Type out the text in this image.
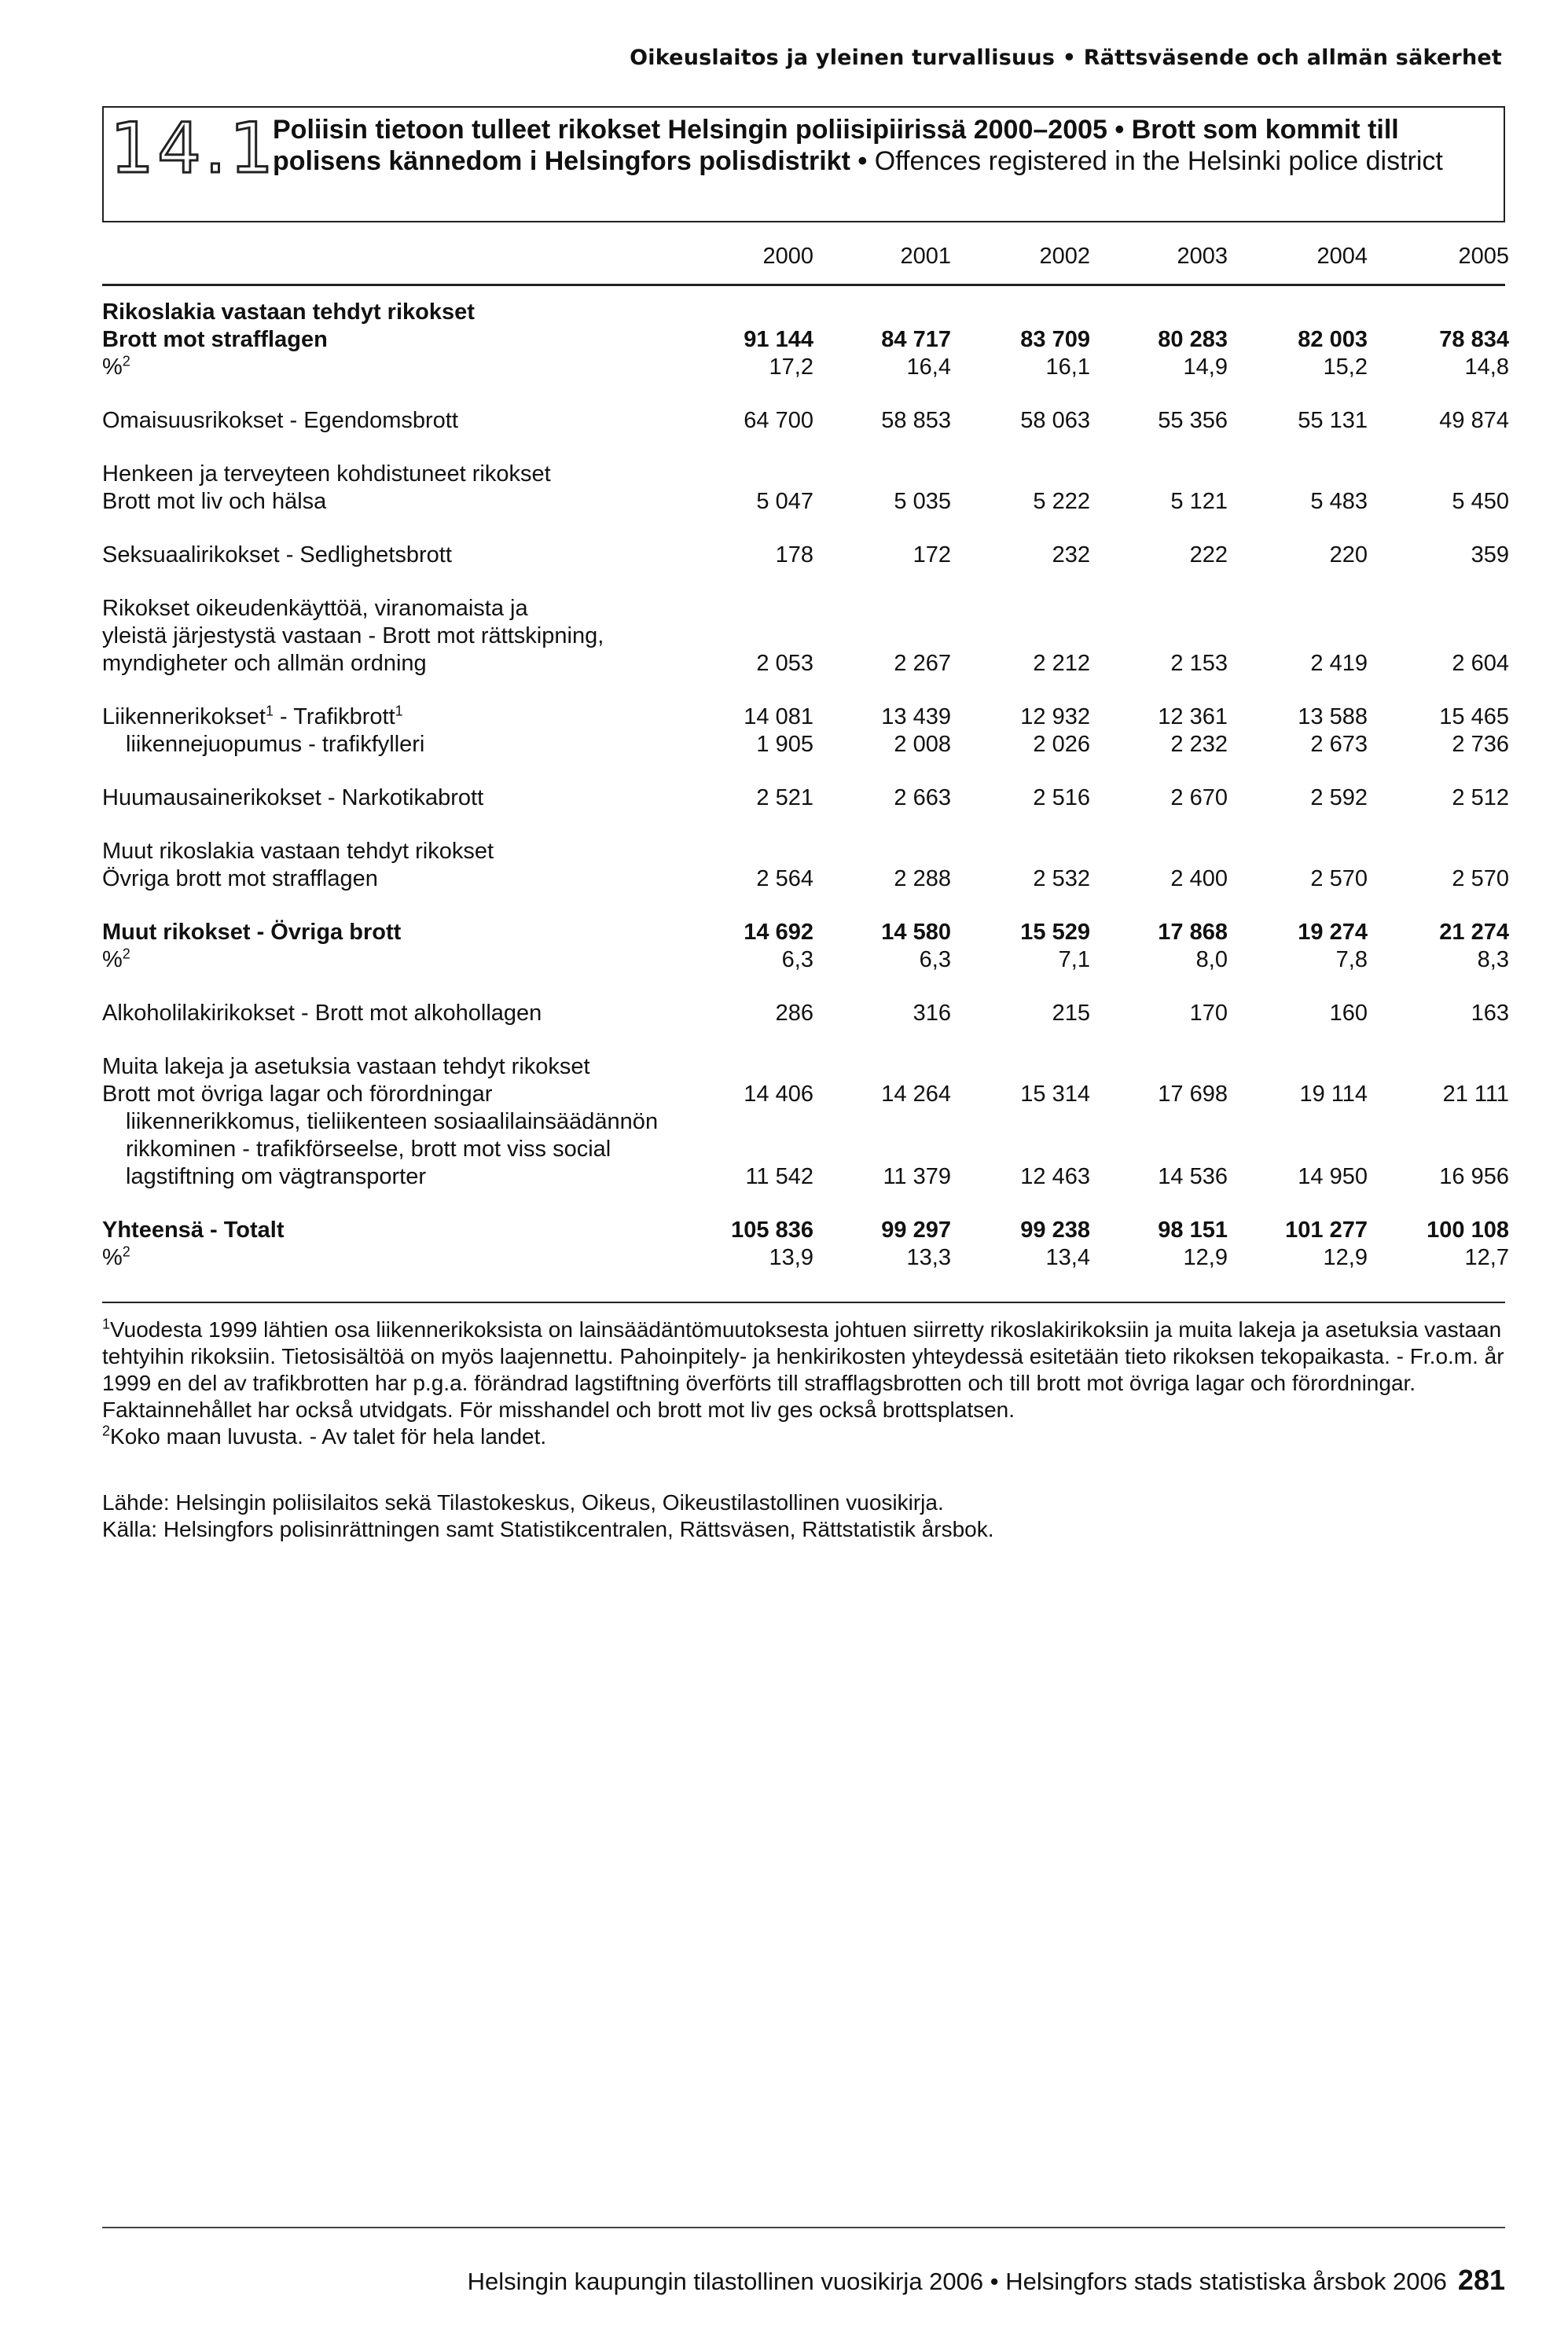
Oikeuslaitos ja yleinen turvallisuus • Rättsväsende och allmän säkerhet
14.1
Poliisin tietoon tulleet rikokset Helsingin poliisipiirissä 2000–2005 • Brott som kommit till polisens kännedom i Helsingfors polisdistrikt • Offences registered in the Helsinki police district
2000	2001	2002	2003	2004	2005
Rikoslakia vastaan tehdyt rikokset
Brott mot strafflagen	91 144	84 717	83 709	80 283	82 003	78 834
%$^2$	17,2	16,4	16,1	14,9	15,2	14,8
Omaisuusrikokset - Egendomsbrott	64 700	58 853	58 063	55 356	55 131	49 874
Henkeen ja terveyteen kohdistuneet rikokset
Brott mot liv och hälsa	5 047	5 035	5 222	5 121	5 483	5 450
Seksuaalirikokset - Sedlighetsbrott	178	172	232	222	220	359
Rikokset oikeudenkäyttöä, viranomaista ja
yleistä järjestystä vastaan - Brott mot rättskipning,
myndigheter och allmän ordning	2 053	2 267	2 212	2 153	2 419	2 604
Liikennerikokset$^1$ - Trafikbrott$^1$	14 081	13 439	12 932	12 361	13 588	15 465
liikennejuopumus - trafikfylleri	1 905	2 008	2 026	2 232	2 673	2 736
Huumausainerikokset - Narkotikabrott	2 521	2 663	2 516	2 670	2 592	2 512
Muut rikoslakia vastaan tehdyt rikokset
Övriga brott mot strafflagen	2 564	2 288	2 532	2 400	2 570	2 570
Muut rikokset - Övriga brott	14 692	14 580	15 529	17 868	19 274	21 274
%$^2$	6,3	6,3	7,1	8,0	7,8	8,3
Alkoholilakirikokset - Brott mot alkohollagen	286	316	215	170	160	163
Muita lakeja ja asetuksia vastaan tehdyt rikokset
Brott mot övriga lagar och förordningar	14 406	14 264	15 314	17 698	19 114	21 111
liikennerikkomus, tieliikenteen sosiaalilainsäädännön
rikkominen - trafikförseelse, brott mot viss social
lagstiftning om vägtransporter	11 542	11 379	12 463	14 536	14 950	16 956
Yhteensä - Totalt	105 836	99 297	99 238	98 151	101 277	100 108
%$^2$	13,9	13,3	13,4	12,9	12,9	12,7

$^1$Vuodesta 1999 lähtien osa liikennerikoksista on lainsäädäntömuutoksesta johtuen siirretty rikoslakirikoksiin ja muita lakeja ja asetuksia vastaan tehtyihin rikoksiin. Tietosisältöä on myös laajennettu. Pahoinpitely- ja henkirikosten yhteydessä esitetään tieto rikoksen tekopaikasta. - Fr.o.m. år 1999 en del av trafikbrotten har p.g.a. förändrad lagstiftning överförts till strafflagsbrotten och till brott mot övriga lagar och förordningar. Faktainnehållet har också utvidgats. För misshandel och brott mot liv ges också brottsplatsen.

$^2$Koko maan luvusta. - Av talet för hela landet.

Lähde: Helsingin poliisilaitos sekä Tilastokeskus, Oikeus, Oikeustilastollinen vuosikirja.

Källa: Helsingfors polisinrättningen samt Statistikcentralen, Rättsväsen, Rättstatistik årsbok.

Helsingin kaupungin tilastollinen vuosikirja 2006 • Helsingfors stads statistiska årsbok 2006 281
